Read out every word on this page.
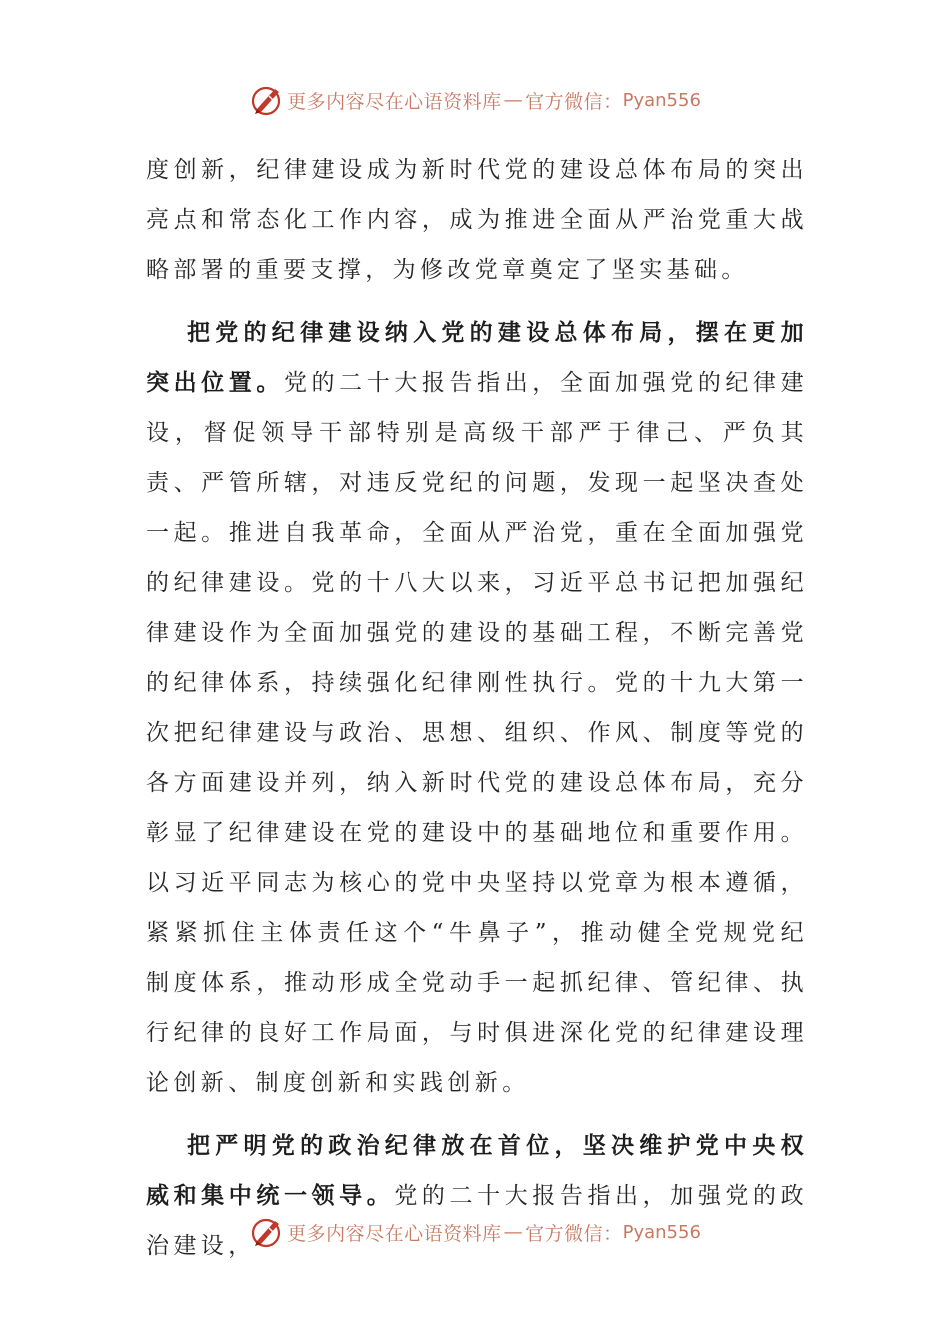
更多内容尽在心语资料库 — 官方微信： Pyan556

度创新，纪律建设成为新时代党的建设总体布局的突出亮点和常态化工作内容，成为推进全面从严治党重大战略部署的重要支撑，为修改党章奠定了坚实基础。

把党的纪律建设纳入党的建设总体布局，摆在更加突出位置。党的二十大报告指出，全面加强党的纪律建设，督促领导干部特别是高级干部严于律己、严负其责、严管所辖，对违反党纪的问题，发现一起坚决查处一起。推进自我革命，全面从严治党，重在全面加强党的纪律建设。党的十八大以来，习近平总书记把加强纪律建设作为全面加强党的建设的基础工程，不断完善党的纪律体系，持续强化纪律刚性执行。党的十九大第一次把纪律建设与政治、思想、组织、作风、制度等党的各方面建设并列，纳入新时代党的建设总体布局，充分彰显了纪律建设在党的建设中的基础地位和重要作用。以习近平同志为核心的党中央坚持以党章为根本遵循，紧紧抓住主体责任这个“牛鼻子”，推动健全党规党纪制度体系，推动形成全党动手一起抓纪律、管纪律、执行纪律的良好工作局面，与时俱进深化党的纪律建设理论创新、制度创新和实践创新。

把严明党的政治纪律放在首位，坚决维护党中央权威和集中统一领导。党的二十大报告指出，加强党的政治建设，	更多内容尽在心语资料库 — 官方微信： Pyan556
